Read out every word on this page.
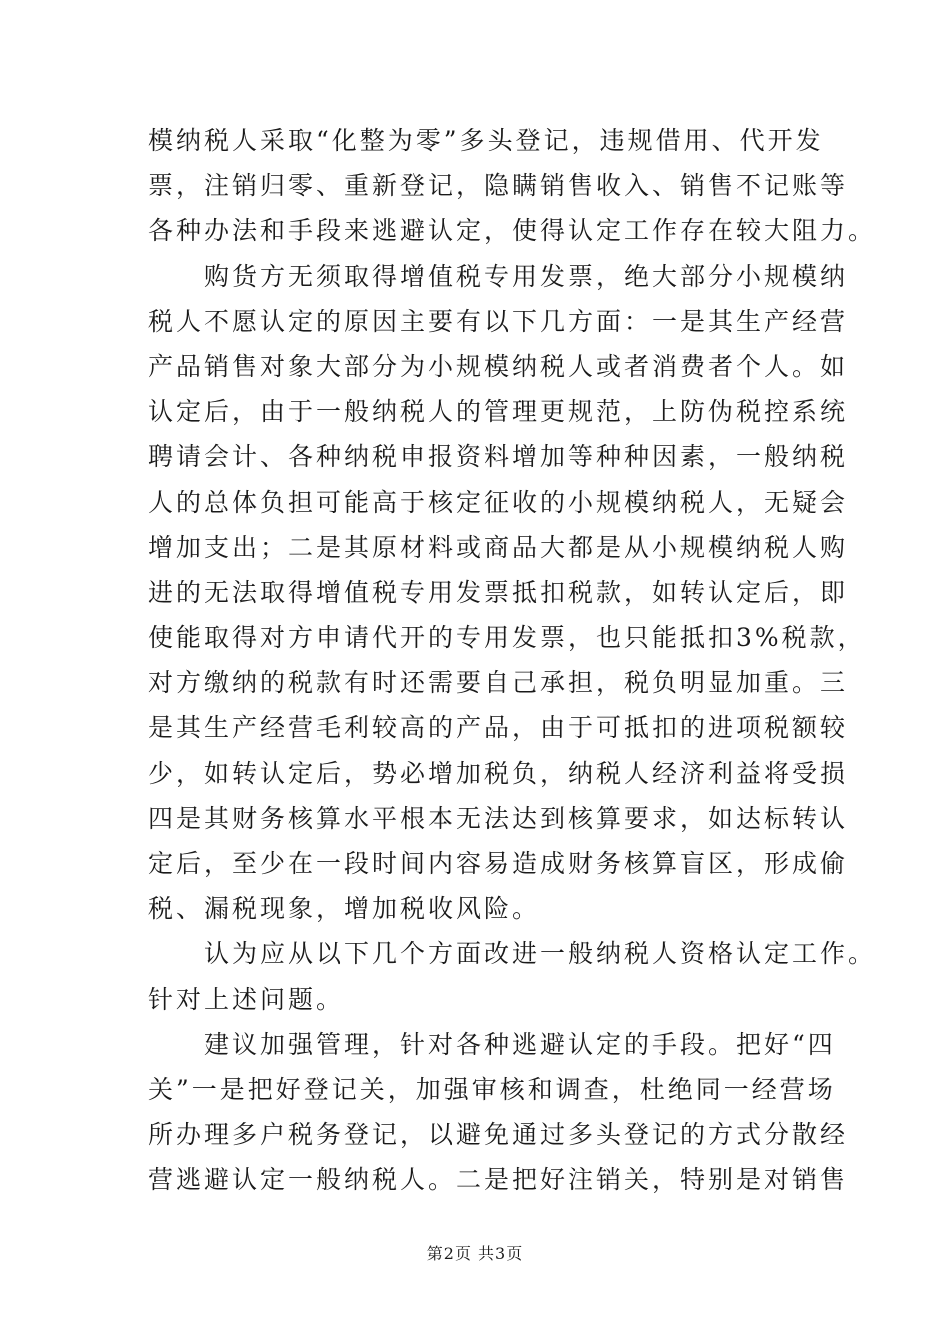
模纳税人采取“化整为零”多头登记，违规借用、代开发
票，注销归零、重新登记，隐瞒销售收入、销售不记账等
各种办法和手段来逃避认定，使得认定工作存在较大阻力。
购货方无须取得增值税专用发票，绝大部分小规模纳
税人不愿认定的原因主要有以下几方面：一是其生产经营
产品销售对象大部分为小规模纳税人或者消费者个人。如
认定后，由于一般纳税人的管理更规范，上防伪税控系统
聘请会计、各种纳税申报资料增加等种种因素，一般纳税
人的总体负担可能高于核定征收的小规模纳税人，无疑会
增加支出；二是其原材料或商品大都是从小规模纳税人购
进的无法取得增值税专用发票抵扣税款，如转认定后，即
使能取得对方申请代开的专用发票，也只能抵扣3%税款，
对方缴纳的税款有时还需要自己承担，税负明显加重。三
是其生产经营毛利较高的产品，由于可抵扣的进项税额较
少，如转认定后，势必增加税负，纳税人经济利益将受损
四是其财务核算水平根本无法达到核算要求，如达标转认
定后，至少在一段时间内容易造成财务核算盲区，形成偷
税、漏税现象，增加税收风险。
认为应从以下几个方面改进一般纳税人资格认定工作。
针对上述问题。
建议加强管理，针对各种逃避认定的手段。把好“四
关”一是把好登记关，加强审核和调查，杜绝同一经营场
所办理多户税务登记，以避免通过多头登记的方式分散经
营逃避认定一般纳税人。二是把好注销关，特别是对销售
第2页 共3页
